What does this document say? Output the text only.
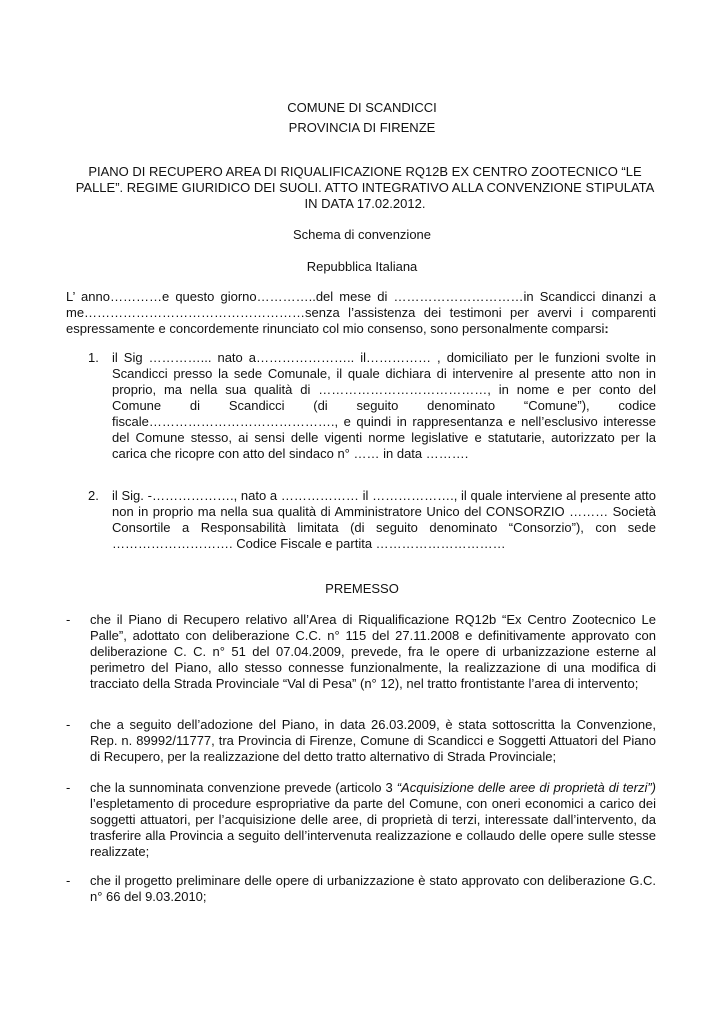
COMUNE DI SCANDICCI
PROVINCIA DI FIRENZE
PIANO DI RECUPERO AREA DI RIQUALIFICAZIONE RQ12B EX CENTRO ZOOTECNICO “LE PALLE”. REGIME GIURIDICO DEI SUOLI. ATTO INTEGRATIVO ALLA CONVENZIONE STIPULATA IN DATA 17.02.2012.
Schema di convenzione
Repubblica Italiana
L’ anno…………e questo giorno…………..del mese di …………………………in Scandicci dinanzi a me……………………………………………senza l’assistenza dei testimoni per avervi i comparenti espressamente e concordemente rinunciato col mio consenso, sono personalmente comparsi:
1. il Sig …………... nato a………………….. il…………… , domiciliato per le funzioni svolte in Scandicci presso la sede Comunale, il quale dichiara di intervenire al presente atto non in proprio, ma nella sua qualità di …………………………………, in nome e per conto del Comune di Scandicci (di seguito denominato “Comune”), codice fiscale……………………………………., e quindi in rappresentanza e nell’esclusivo interesse del Comune stesso, ai sensi delle vigenti norme legislative e statutarie, autorizzato per la carica che ricopre con atto del sindaco n° …… in data ……….
2. il Sig. -………………., nato a ……………… il ………………., il quale interviene al presente atto non in proprio ma nella sua qualità di Amministratore Unico del CONSORZIO ……… Società Consortile a Responsabilità limitata (di seguito denominato “Consorzio”), con sede ………………………. Codice Fiscale e partita …………………………
PREMESSO
- che il Piano di Recupero relativo all’Area di Riqualificazione RQ12b “Ex Centro Zootecnico Le Palle”, adottato con deliberazione C.C. n° 115 del 27.11.2008 e definitivamente approvato con deliberazione C. C. n° 51 del 07.04.2009, prevede, fra le opere di urbanizzazione esterne al perimetro del Piano, allo stesso connesse funzionalmente, la realizzazione di una modifica di tracciato della Strada Provinciale “Val di Pesa” (n° 12), nel tratto frontistante l’area di intervento;
- che a seguito dell’adozione del Piano, in data 26.03.2009, è stata sottoscritta la Convenzione, Rep. n. 89992/11777, tra Provincia di Firenze, Comune di Scandicci e Soggetti Attuatori del Piano di Recupero, per la realizzazione del detto tratto alternativo di Strada Provinciale;
- che la sunnominata convenzione prevede (articolo 3 “Acquisizione delle aree di proprietà di terzi”) l’espletamento di procedure espropriative da parte del Comune, con oneri economici a carico dei soggetti attuatori, per l’acquisizione delle aree, di proprietà di terzi, interessate dall’intervento, da trasferire alla Provincia a seguito dell’intervenuta realizzazione e collaudo delle opere sulle stesse realizzate;
- che il progetto preliminare delle opere di urbanizzazione è stato approvato con deliberazione G.C. n° 66 del 9.03.2010;
